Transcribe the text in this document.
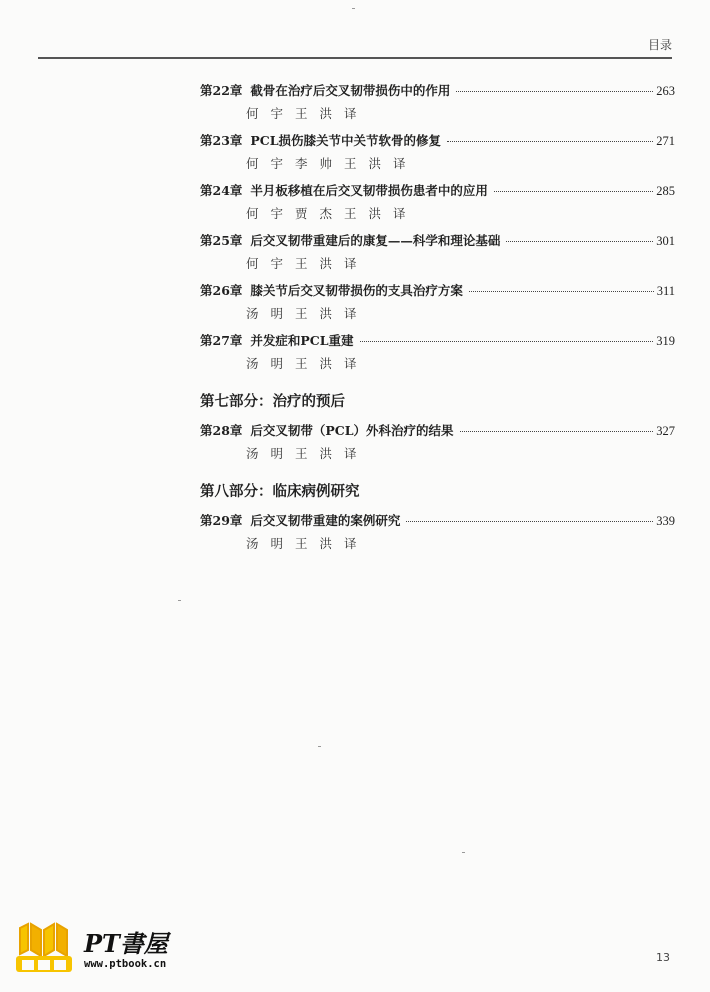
目录
第22章 截骨在治疗后交叉韧带损伤中的作用	263
何宇王洪译
第23章 PCL损伤膝关节中关节软骨的修复	271
何宇李帅王洪译
第24章 半月板移植在后交叉韧带损伤患者中的应用	285
何宇贾杰王洪译
第25章 后交叉韧带重建后的康复——科学和理论基础	301
何宇王洪译
第26章 膝关节后交叉韧带损伤的支具治疗方案	311
汤明王洪译
第27章 并发症和PCL重建	319
汤明王洪译
第七部分：治疗的预后
第28章 后交叉韧带（PCL）外科治疗的结果	327
汤明王洪译
第八部分：临床病例研究
第29章 后交叉韧带重建的案例研究	339
汤明王洪译
13
PT書屋
www.ptbook.cn
